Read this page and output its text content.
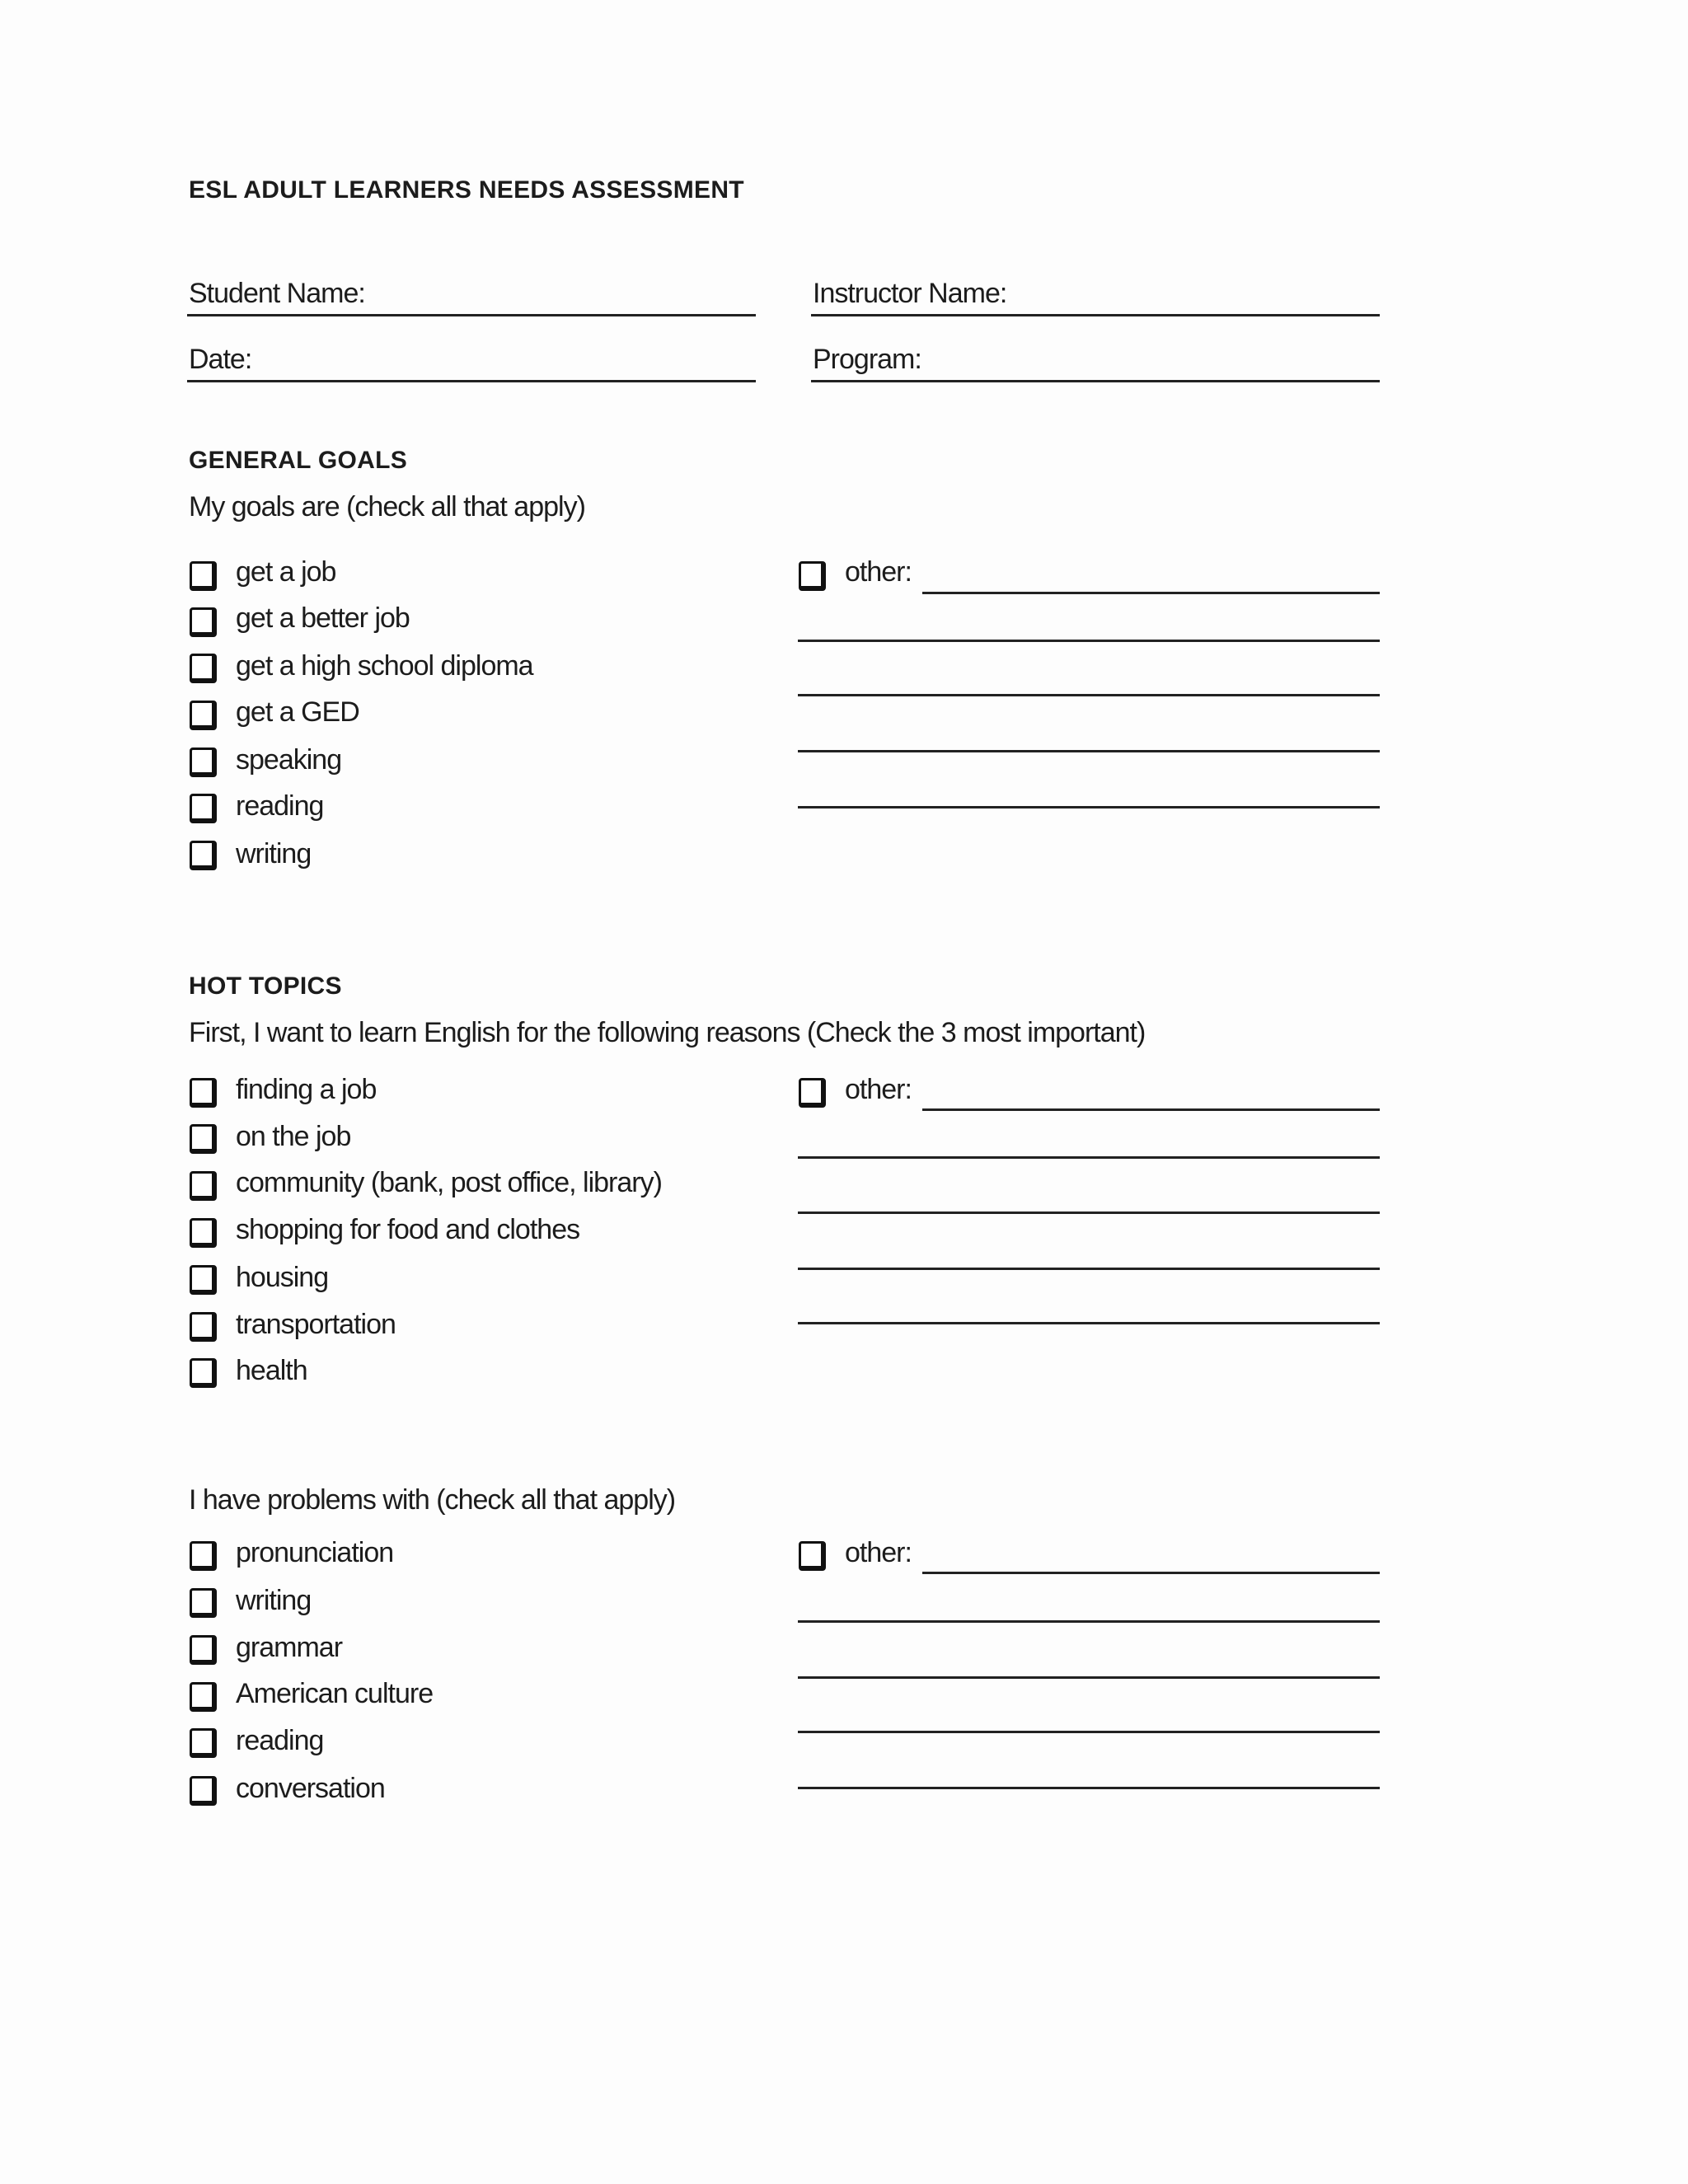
ESL ADULT LEARNERS NEEDS ASSESSMENT
Student Name:	Instructor Name:
Date:	Program:
GENERAL GOALS
My goals are (check all that apply)
get a job
get a better job
get a high school diploma
get a GED
speaking
reading
writing
other:
HOT TOPICS
First, I want to learn English for the following reasons (Check the 3 most important)
finding a job
on the job
community (bank, post office, library)
shopping for food and clothes
housing
transportation
health
other:
I have problems with (check all that apply)
pronunciation
writing
grammar
American culture
reading
conversation
other:
